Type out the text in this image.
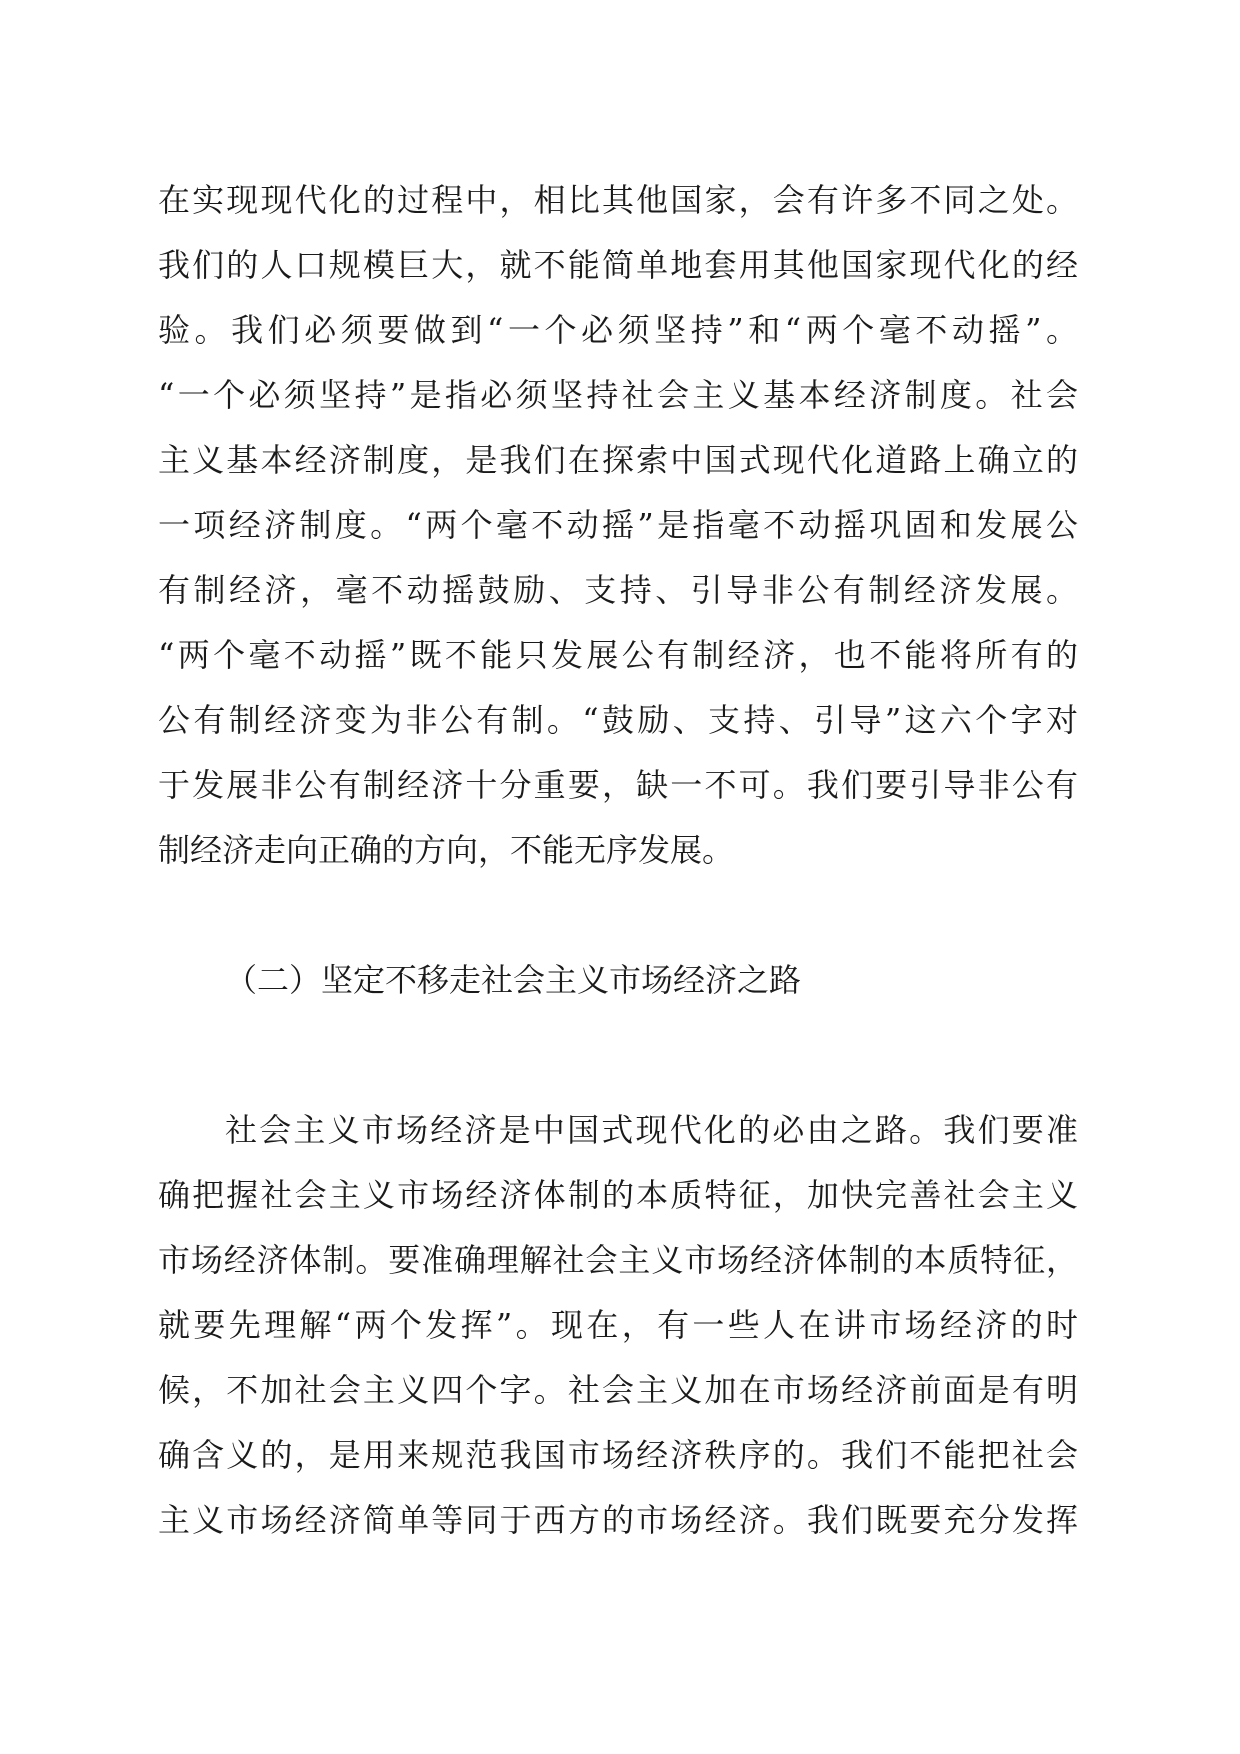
在实现现代化的过程中，相比其他国家，会有许多不同之处。
我们的人口规模巨大，就不能简单地套用其他国家现代化的经
验。我们必须要做到“一个必须坚持”和“两个毫不动摇”。
“一个必须坚持”是指必须坚持社会主义基本经济制度。社会
主义基本经济制度，是我们在探索中国式现代化道路上确立的
一项经济制度。“两个毫不动摇”是指毫不动摇巩固和发展公
有制经济，毫不动摇鼓励、支持、引导非公有制经济发展。
“两个毫不动摇”既不能只发展公有制经济，也不能将所有的
公有制经济变为非公有制。“鼓励、支持、引导”这六个字对
于发展非公有制经济十分重要，缺一不可。我们要引导非公有
制经济走向正确的方向，不能无序发展。
（二）坚定不移走社会主义市场经济之路
社会主义市场经济是中国式现代化的必由之路。我们要准
确把握社会主义市场经济体制的本质特征，加快完善社会主义
市场经济体制。要准确理解社会主义市场经济体制的本质特征，
就要先理解“两个发挥”。现在，有一些人在讲市场经济的时
候，不加社会主义四个字。社会主义加在市场经济前面是有明
确含义的，是用来规范我国市场经济秩序的。我们不能把社会
主义市场经济简单等同于西方的市场经济。我们既要充分发挥
